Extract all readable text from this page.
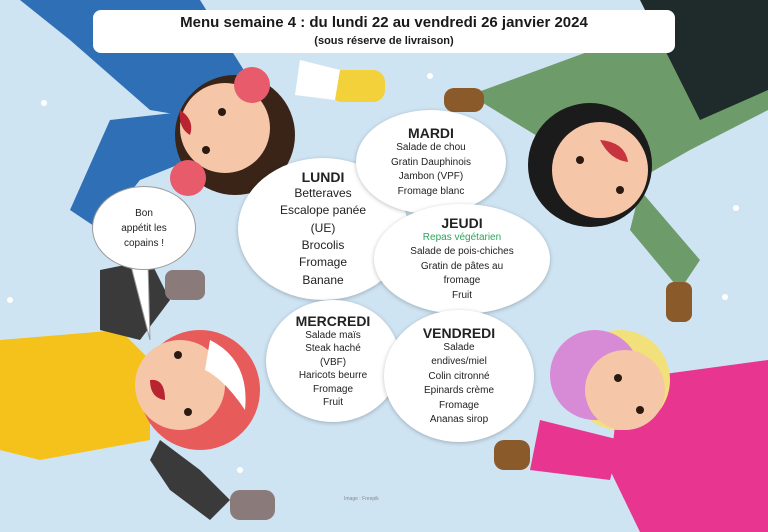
Menu semaine 4 : du lundi 22 au vendredi 26 janvier 2024
(sous réserve de livraison)
LUNDI
Betteraves
Escalope panée
(UE)
Brocolis
Fromage
Banane
MARDI
Salade de chou
Gratin Dauphinois
Jambon (VPF)
Fromage blanc
JEUDI
Repas végétarien
Salade de pois-chiches
Gratin de pâtes au
fromage
Fruit
MERCREDI
Salade maïs
Steak haché
(VBF)
Haricots beurre
Fromage
Fruit
VENDREDI
Salade
endives/miel
Colin citronné
Epinards crème
Fromage
Ananas sirop
Bon
appétit les
copains !
Image : Freepik
